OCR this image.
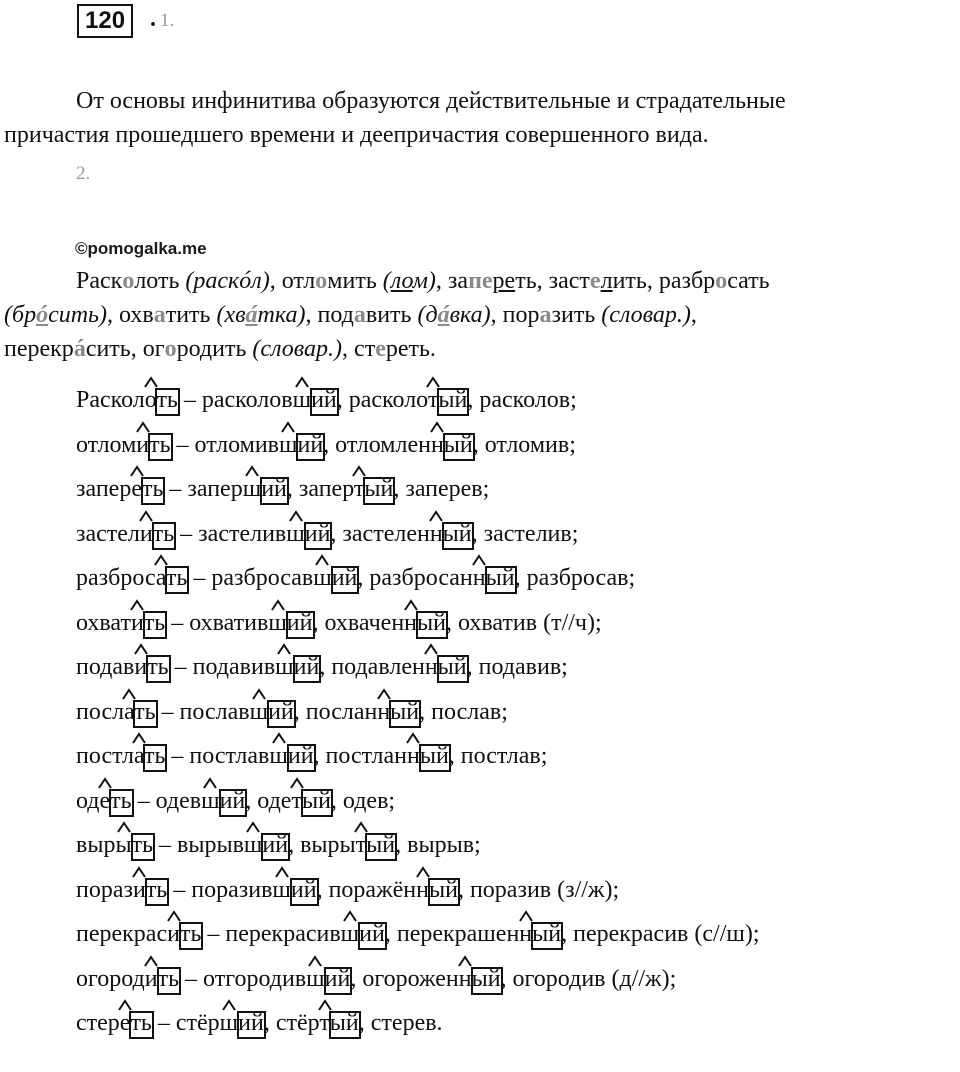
120	. 1.
От основы инфинитива образуются действительные и страдательные
причастия прошедшего времени и деепричастия совершенного вида.
2.
©pomogalka.me
Расколоть (раскóл), отломить (лом), запереть, застелить, разбросать
(брóсить), охватить (хвáтка), подавить (дáвка), поразить (словар.),
перекрáсить, огородить (словар.), стереть.
Расколоть – расколовший, расколотый, расколов;
отломить – отломивший, отломленный, отломив;
запереть – заперший, запертый, заперев;
застелить – застеливший, застеленный, застелив;
разбросать – разбросавший, разбросанный, разбросав;
охватить – охвативший, охваченный, охватив (т//ч);
подавить – подавивший, подавленный, подавив;
послать – пославший, посланный, послав;
постлать – постлавший, постланный, постлав;
одеть – одевший, одетый, одев;
вырыть – вырывший, вырытый, вырыв;
поразить – поразивший, поражённый, поразив (з//ж);
перекрасить – перекрасивший, перекрашенный, перекрасив (с//ш);
огородить – отгородивший, огороженный, огородив (д//ж);
стереть – стёрший, стёртый, стерев.
